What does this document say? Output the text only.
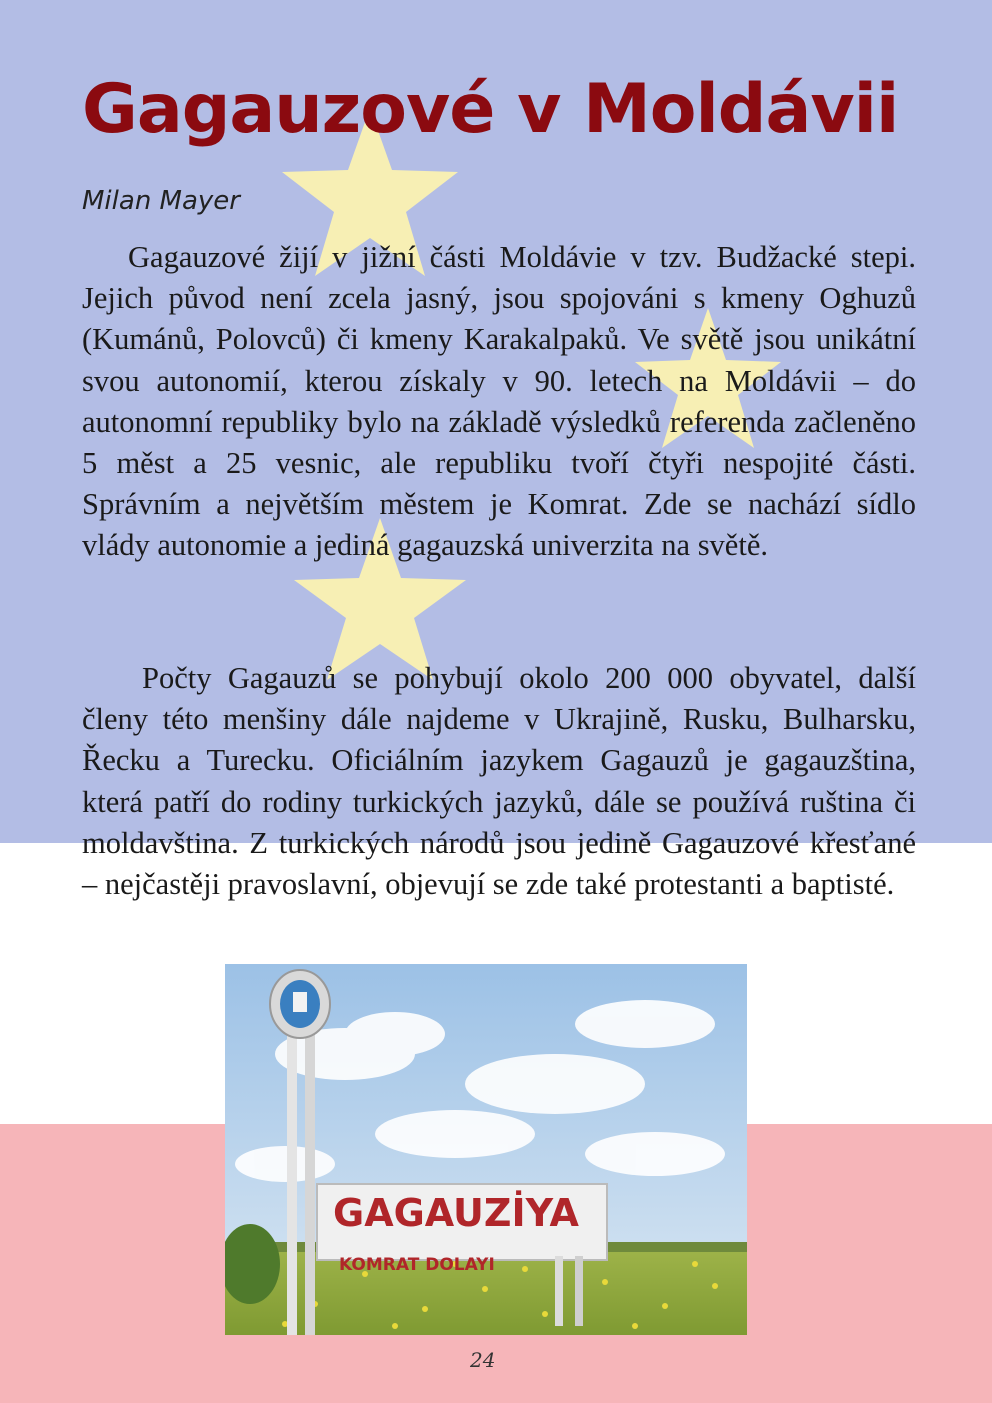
Gagauzové v Moldávii
Milan Mayer

Gagauzové žijí v jižní části Moldávie v tzv. Budžacké stepi. Jejich původ není zcela jasný, jsou spojováni s kmeny Oghuzů (Kumánů, Polovců) či kmeny Karakalpaků. Ve světě jsou unikátní svou autonomií, kterou získaly v 90. letech na Moldávii – do autonomní republiky bylo na základě výsledků referenda začleněno 5 měst a 25 vesnic, ale republiku tvoří čtyři nespojité části. Správním a největším městem je Komrat. Zde se nachází sídlo vlády autonomie a jediná gagauzská univerzita na světě.

Počty Gagauzů se pohybují okolo 200 000 obyvatel, další členy této menšiny dále najdeme v Ukrajině, Rusku, Bulharsku, Řecku a Turecku. Oficiálním jazykem Gagauzů je gagauzština, která patří do rodiny turkických jazyků, dále se používá ruština či moldavština. Z turkických národů jsou jedině Gagauzové křesťané – nejčastěji pravoslavní, objevují se zde také protestanti a baptisté.

GAGAUZİYA
KOMRAT DOLAYI
24
